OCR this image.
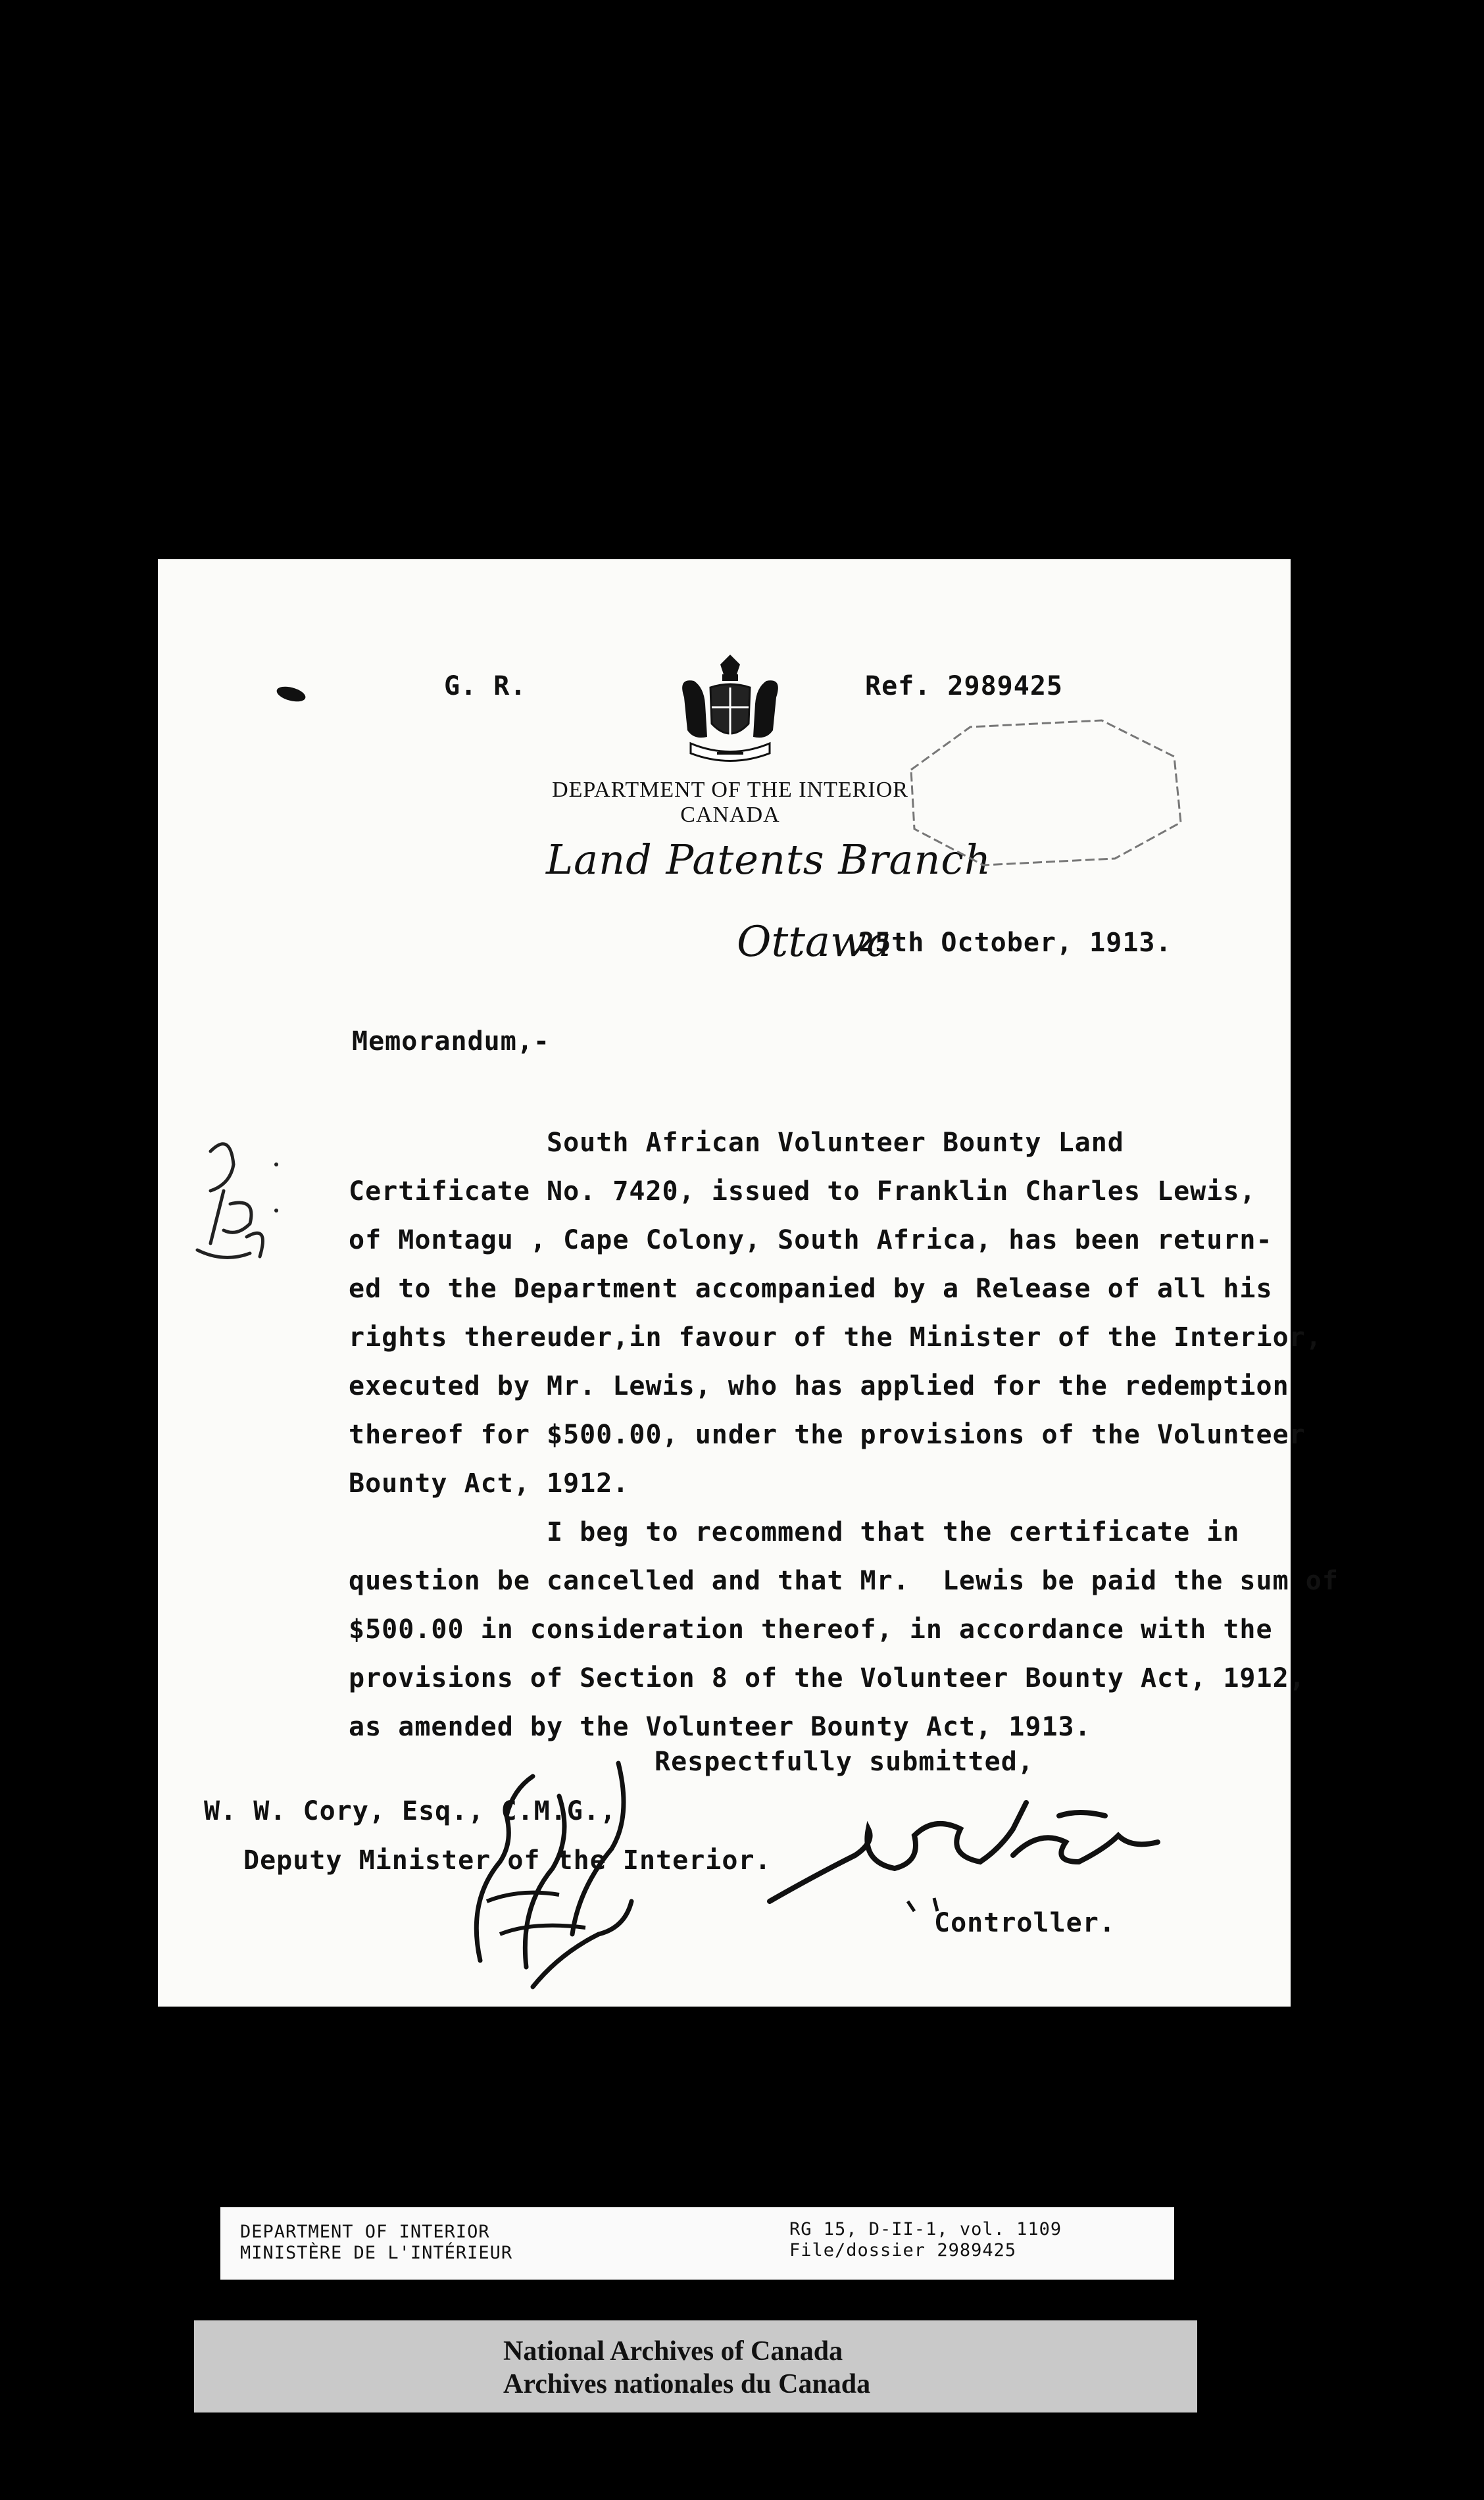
G. R.	Ref. 2989425
DEPARTMENT OF THE INTERIOR
CANADA
Land Patents Branch
Ottawa
25th October, 1913.
Memorandum,-

South African Volunteer Bounty Land

Certificate No. 7420, issued to Franklin Charles Lewis,

of Montagu , Cape Colony, South Africa, has been return-

ed to the Department accompanied by a Release of all his

rights thereuder,in favour of the Minister of the Interior,

executed by Mr. Lewis, who has applied for the redemption

thereof for $500.00, under the provisions of the Volunteer

Bounty Act, 1912.

I beg to recommend that the certificate in

question be cancelled and that Mr.  Lewis be paid the sum of

$500.00 in consideration thereof, in accordance with the

provisions of Section 8 of the Volunteer Bounty Act, 1912,

as amended by the Volunteer Bounty Act, 1913.

Respectfully submitted,
W. W. Cory, Esq., C.M.G.,
Deputy Minister of the Interior.
Controller.
DEPARTMENT OF INTERIOR
MINISTÈRE DE L'INTÉRIEUR
RG 15, D-II-1, vol. 1109
File/dossier 2989425
National Archives of Canada
Archives nationales du Canada
